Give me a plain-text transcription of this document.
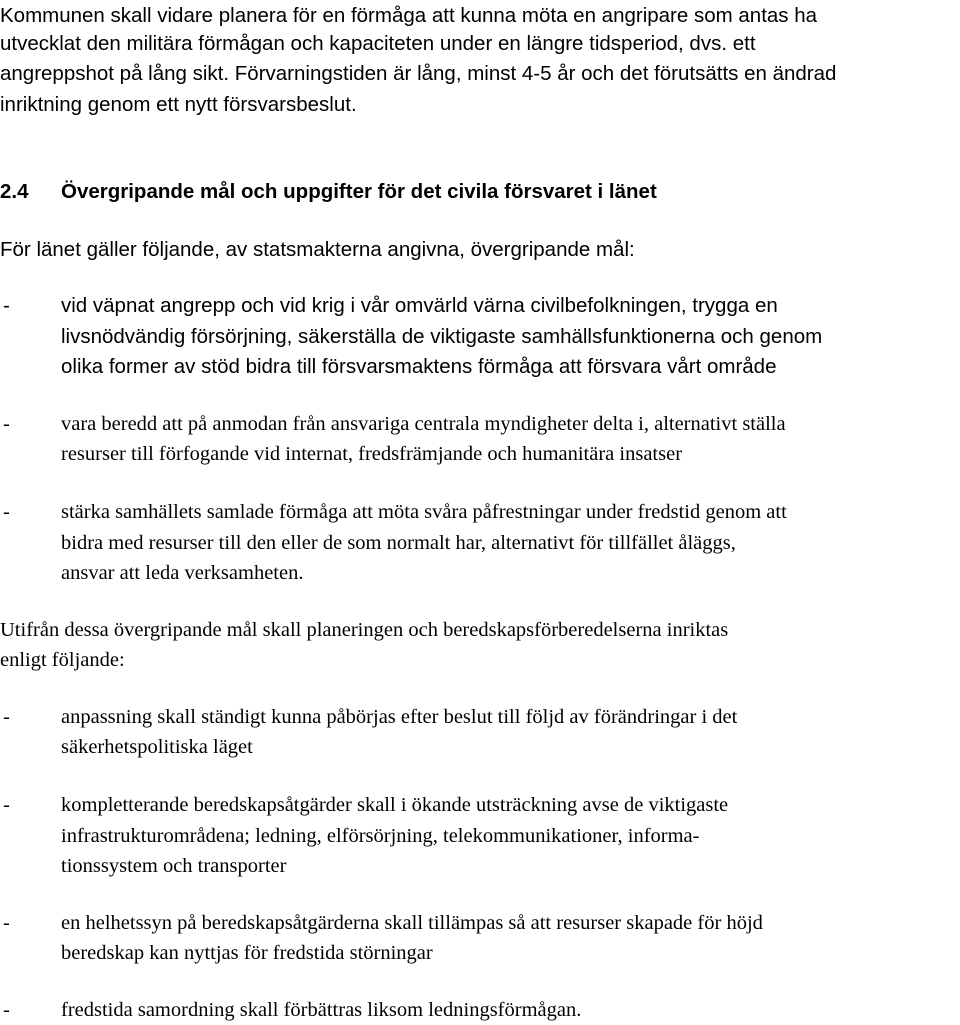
Kommunen skall vidare planera för en förmåga att kunna möta en angripare som antas ha
utvecklat den militära förmågan och kapaciteten under en längre tidsperiod, dvs. ett
angreppshot på lång sikt. Förvarningstiden är lång, minst 4-5 år och det förutsätts en ändrad
inriktning genom ett nytt försvarsbeslut.
2.4 Övergripande mål och uppgifter för det civila försvaret i länet
För länet gäller följande, av statsmakterna angivna, övergripande mål:
- vid väpnat angrepp och vid krig i vår omvärld värna civilbefolkningen, trygga en
livsnödvändig försörjning, säkerställa de viktigaste samhällsfunktionerna och genom
olika former av stöd bidra till försvarsmaktens förmåga att försvara vårt område
- vara beredd att på anmodan från ansvariga centrala myndigheter delta i, alternativt ställa
resurser till förfogande vid internat, fredsfrämjande och humanitära insatser
- stärka samhällets samlade förmåga att möta svåra påfrestningar under fredstid genom att
bidra med resurser till den eller de som normalt har, alternativt för tillfället åläggs,
ansvar att leda verksamheten.
Utifrån dessa övergripande mål skall planeringen och beredskapsförberedelserna inriktas
enligt följande:
- anpassning skall ständigt kunna påbörjas efter beslut till följd av förändringar i det
säkerhetspolitiska läget
- kompletterande beredskapsåtgärder skall i ökande utsträckning avse de viktigaste
infrastrukturområdena; ledning, elförsörjning, telekommunikationer, informa-
tionssystem och transporter
- en helhetssyn på beredskapsåtgärderna skall tillämpas så att resurser skapade för höjd
beredskap kan nyttjas för fredstida störningar
- fredstida samordning skall förbättras liksom ledningsförmågan.
